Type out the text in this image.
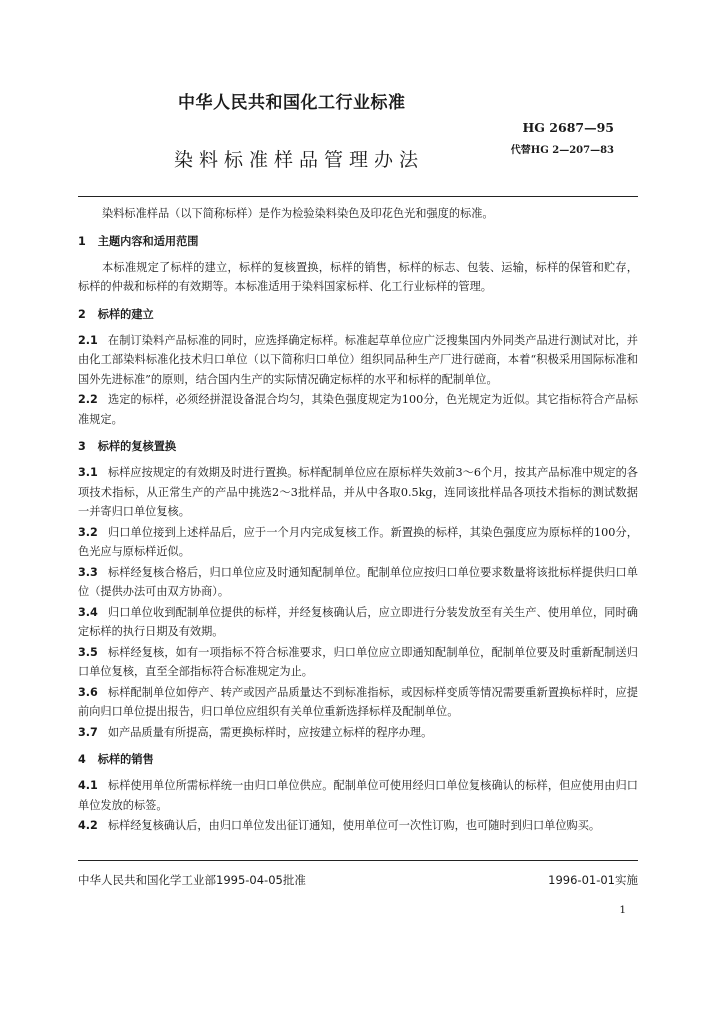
中华人民共和国化工行业标准
HG 2687—95
染料标准样品管理办法	代替HG 2—207—83

染料标准样品（以下简称标样）是作为检验染料染色及印花色光和强度的标准。

1 主题内容和适用范围

本标准规定了标样的建立，标样的复核置换，标样的销售，标样的标志、包装、运输，标样的保管和贮存，标样的仲裁和标样的有效期等。本标准适用于染料国家标样、化工行业标样的管理。

2 标样的建立

2.1 在制订染料产品标准的同时，应选择确定标样。标准起草单位应广泛搜集国内外同类产品进行测试对比，并由化工部染料标准化技术归口单位（以下简称归口单位）组织同品种生产厂进行磋商，本着“积极采用国际标准和国外先进标准”的原则，结合国内生产的实际情况确定标样的水平和标样的配制单位。

2.2 选定的标样，必须经拼混设备混合均匀，其染色强度规定为100分，色光规定为近似。其它指标符合产品标准规定。

3 标样的复核置换

3.1 标样应按规定的有效期及时进行置换。标样配制单位应在原标样失效前3～6个月，按其产品标准中规定的各项技术指标，从正常生产的产品中挑选2～3批样品，并从中各取0.5kg，连同该批样品各项技术指标的测试数据一并寄归口单位复核。

3.2 归口单位接到上述样品后，应于一个月内完成复核工作。新置换的标样，其染色强度应为原标样的100分，色光应与原标样近似。

3.3 标样经复核合格后，归口单位应及时通知配制单位。配制单位应按归口单位要求数量将该批标样提供归口单位（提供办法可由双方协商）。

3.4 归口单位收到配制单位提供的标样，并经复核确认后，应立即进行分装发放至有关生产、使用单位，同时确定标样的执行日期及有效期。

3.5 标样经复核，如有一项指标不符合标准要求，归口单位应立即通知配制单位，配制单位要及时重新配制送归口单位复核，直至全部指标符合标准规定为止。

3.6 标样配制单位如停产、转产或因产品质量达不到标准指标，或因标样变质等情况需要重新置换标样时，应提前向归口单位提出报告，归口单位应组织有关单位重新选择标样及配制单位。

3.7 如产品质量有所提高，需更换标样时，应按建立标样的程序办理。

4 标样的销售

4.1 标样使用单位所需标样统一由归口单位供应。配制单位可使用经归口单位复核确认的标样，但应使用由归口单位发放的标签。

4.2 标样经复核确认后，由归口单位发出征订通知，使用单位可一次性订购，也可随时到归口单位购买。

中华人民共和国化学工业部1995-04-05批准	1996-01-01实施
1
